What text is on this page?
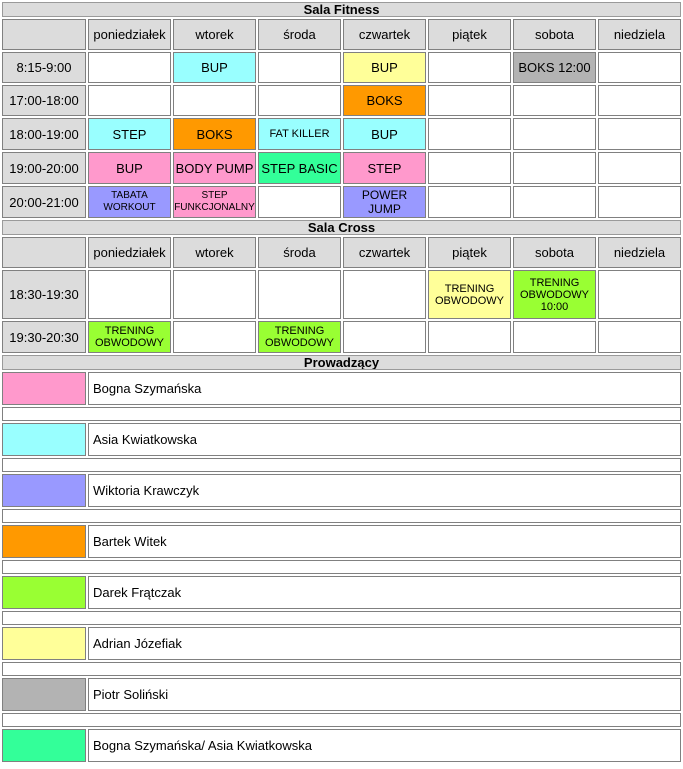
Sala Fitness							
	poniedziałek	wtorek	środa	czwartek	piątek	sobota	niedziela
8:15-9:00		BUP		BUP		BOKS 12:00	
17:00-18:00				BOKS			
18:00-19:00	STEP	BOKS	FAT KILLER	BUP			
19:00-20:00	BUP	BODY PUMP	STEP BASIC	STEP			
20:00-21:00	TABATA WORKOUT	STEP FUNKCJONALNY		POWER JUMP			
Sala Cross							
	poniedziałek	wtorek	środa	czwartek	piątek	sobota	niedziela
18:30-19:30					TRENING OBWODOWY	TRENING OBWODOWY 10:00	
19:30-20:30	TRENING OBWODOWY		TRENING OBWODOWY				
Prowadzący							
	Bogna Szymańska						

	Asia Kwiatkowska						

	Wiktoria Krawczyk						

	Bartek Witek						

	Darek Frątczak						

	Adrian Józefiak						

	Piotr Soliński						

	Bogna Szymańska/ Asia Kwiatkowska						
